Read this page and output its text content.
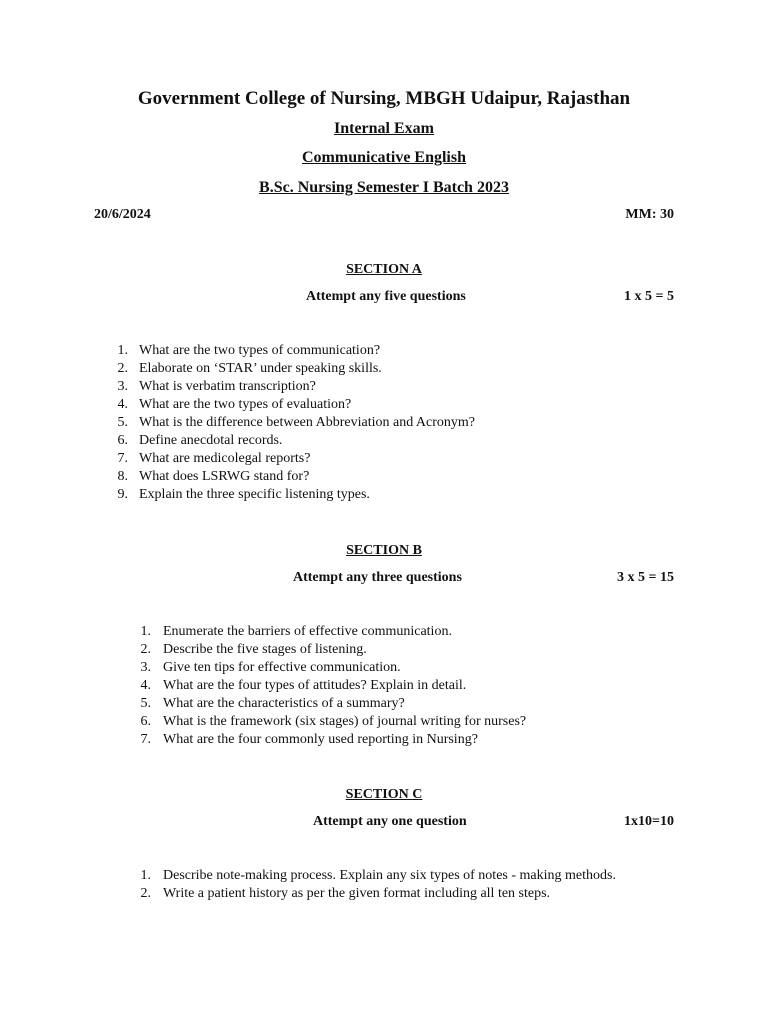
Government College of Nursing, MBGH Udaipur, Rajasthan
Internal Exam
Communicative English
B.Sc. Nursing Semester I Batch 2023
20/6/2024	MM: 30
SECTION A
Attempt any five questions	1 x 5 = 5
1. What are the two types of communication?
2. Elaborate on ‘STAR’ under speaking skills.
3. What is verbatim transcription?
4. What are the two types of evaluation?
5. What is the difference between Abbreviation and Acronym?
6. Define anecdotal records.
7. What are medicolegal reports?
8. What does LSRWG stand for?
9. Explain the three specific listening types.
SECTION B
Attempt any three questions	3 x 5 = 15
1. Enumerate the barriers of effective communication.
2. Describe the five stages of listening.
3. Give ten tips for effective communication.
4. What are the four types of attitudes? Explain in detail.
5. What are the characteristics of a summary?
6. What is the framework (six stages) of journal writing for nurses?
7. What are the four commonly used reporting in Nursing?
SECTION C
Attempt any one question	1x10=10
1. Describe note-making process. Explain any six types of notes - making methods.
2. Write a patient history as per the given format including all ten steps.
